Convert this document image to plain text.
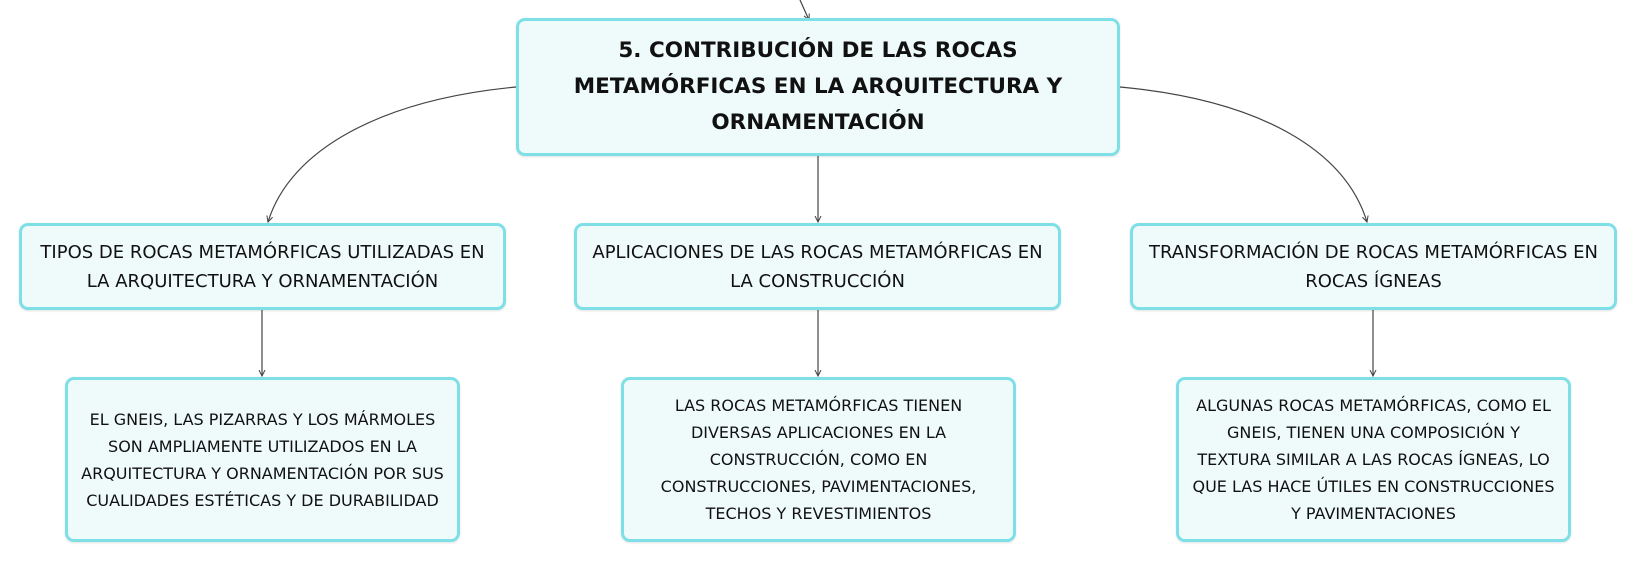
5. CONTRIBUCIÓN DE LAS ROCAS METAMÓRFICAS EN LA ARQUITECTURA Y ORNAMENTACIÓN
TIPOS DE ROCAS METAMÓRFICAS UTILIZADAS EN LA ARQUITECTURA Y ORNAMENTACIÓN
APLICACIONES DE LAS ROCAS METAMÓRFICAS EN LA CONSTRUCCIÓN
TRANSFORMACIÓN DE ROCAS METAMÓRFICAS EN ROCAS ÍGNEAS
EL GNEIS, LAS PIZARRAS Y LOS MÁRMOLES SON AMPLIAMENTE UTILIZADOS EN LA ARQUITECTURA Y ORNAMENTACIÓN POR SUS CUALIDADES ESTÉTICAS Y DE DURABILIDAD
LAS ROCAS METAMÓRFICAS TIENEN DIVERSAS APLICACIONES EN LA CONSTRUCCIÓN, COMO EN CONSTRUCCIONES, PAVIMENTACIONES, TECHOS Y REVESTIMIENTOS
ALGUNAS ROCAS METAMÓRFICAS, COMO EL GNEIS, TIENEN UNA COMPOSICIÓN Y TEXTURA SIMILAR A LAS ROCAS ÍGNEAS, LO QUE LAS HACE ÚTILES EN CONSTRUCCIONES Y PAVIMENTACIONES
